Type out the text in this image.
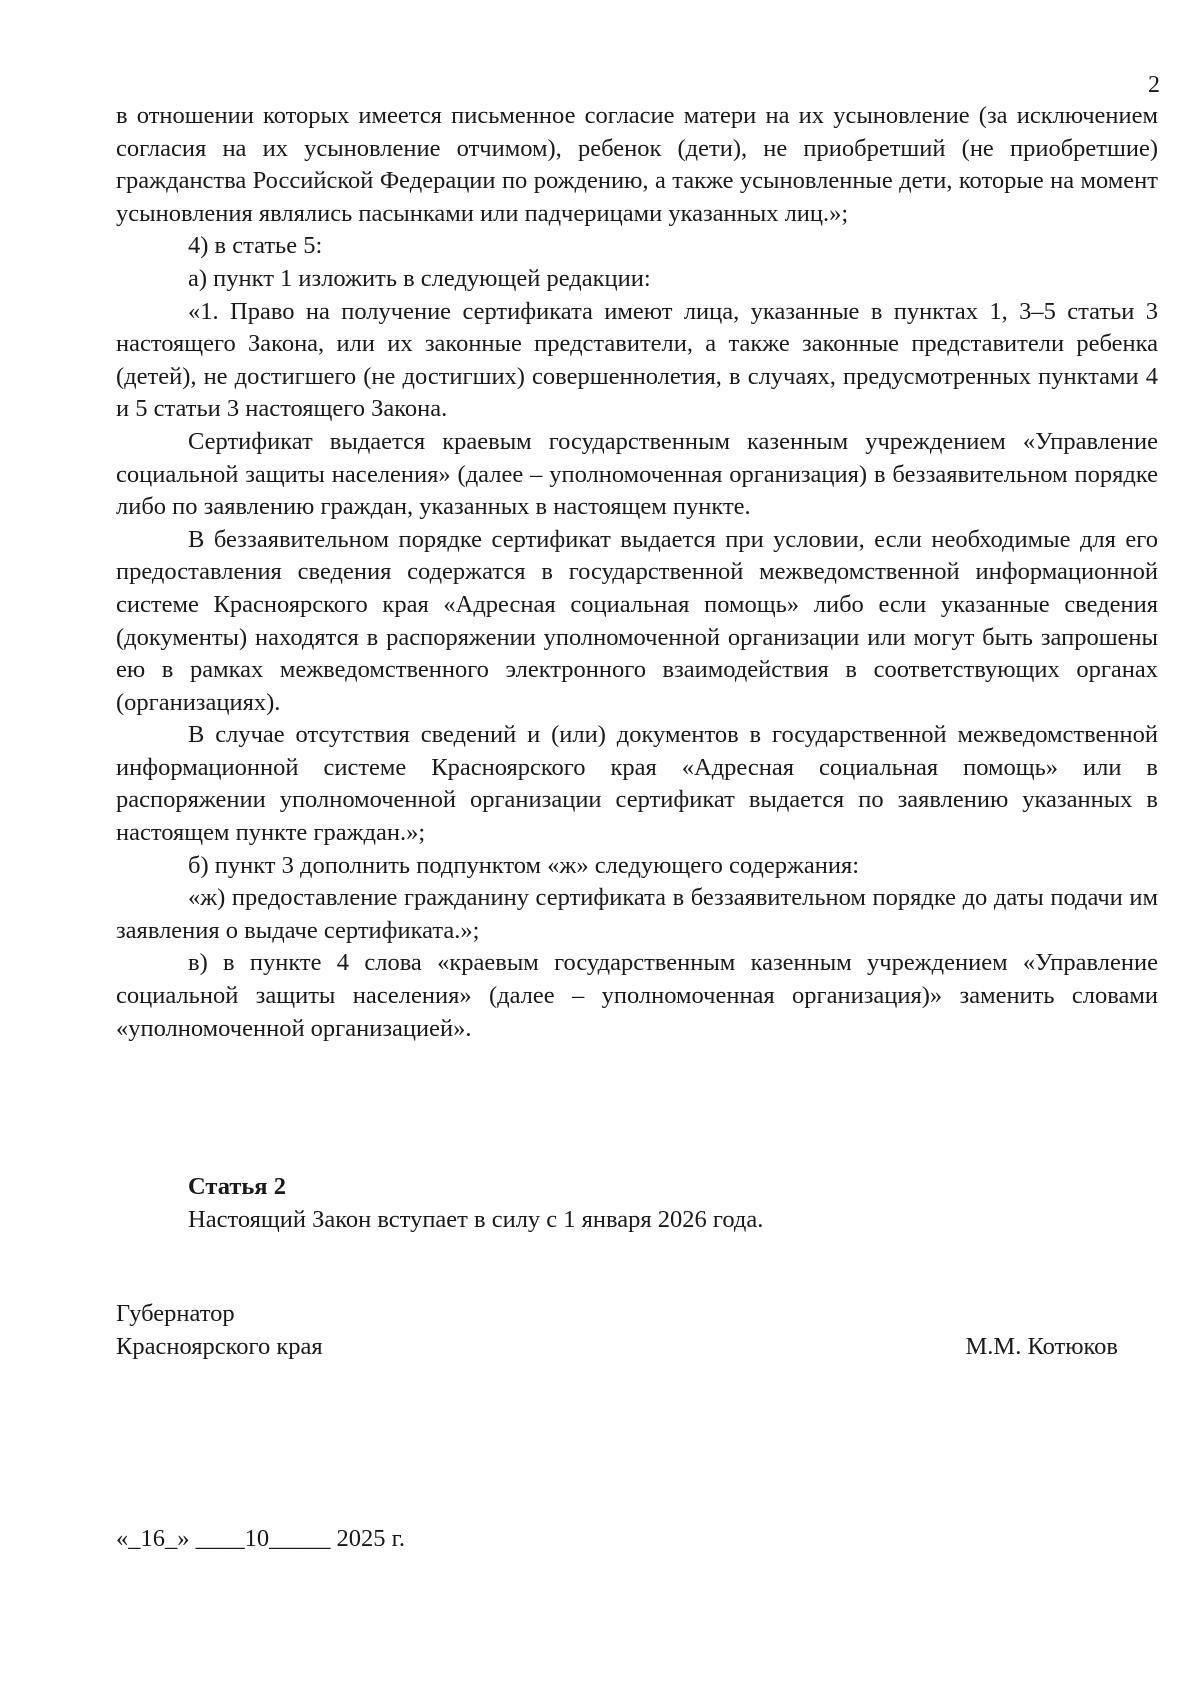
2

в отношении которых имеется письменное согласие матери на их усыновление (за исключением согласия на их усыновление отчимом), ребенок (дети), не приобретший (не приобретшие) гражданства Российской Федерации по рождению, а также усыновленные дети, которые на момент усыновления являлись пасынками или падчерицами указанных лиц.»;

4) в статье 5:

а) пункт 1 изложить в следующей редакции:

«1. Право на получение сертификата имеют лица, указанные в пунктах 1, 3–5 статьи 3 настоящего Закона, или их законные представители, а также законные представители ребенка (детей), не достигшего (не достигших) совершеннолетия, в случаях, предусмотренных пунктами 4 и 5 статьи 3 настоящего Закона.

Сертификат выдается краевым государственным казенным учреждением «Управление социальной защиты населения» (далее – уполномоченная организация) в беззаявительном порядке либо по заявлению граждан, указанных в настоящем пункте.

В беззаявительном порядке сертификат выдается при условии, если необходимые для его предоставления сведения содержатся в государственной межведомственной информационной системе Красноярского края «Адресная социальная помощь» либо если указанные сведения (документы) находятся в распоряжении уполномоченной организации или могут быть запрошены ею в рамках межведомственного электронного взаимодействия в соответствующих органах (организациях).

В случае отсутствия сведений и (или) документов в государственной межведомственной информационной системе Красноярского края «Адресная социальная помощь» или в распоряжении уполномоченной организации сертификат выдается по заявлению указанных в настоящем пункте граждан.»;

б) пункт 3 дополнить подпунктом «ж» следующего содержания:

«ж) предоставление гражданину сертификата в беззаявительном порядке до даты подачи им заявления о выдаче сертификата.»;

в) в пункте 4 слова «краевым государственным казенным учреждением «Управление социальной защиты населения» (далее – уполномоченная организация)» заменить словами «уполномоченной организацией».

Статья 2

Настоящий Закон вступает в силу с 1 января 2026 года.

Губернатор

Красноярского края	М.М. Котюков

«_16_» ____10_____ 2025 г.
